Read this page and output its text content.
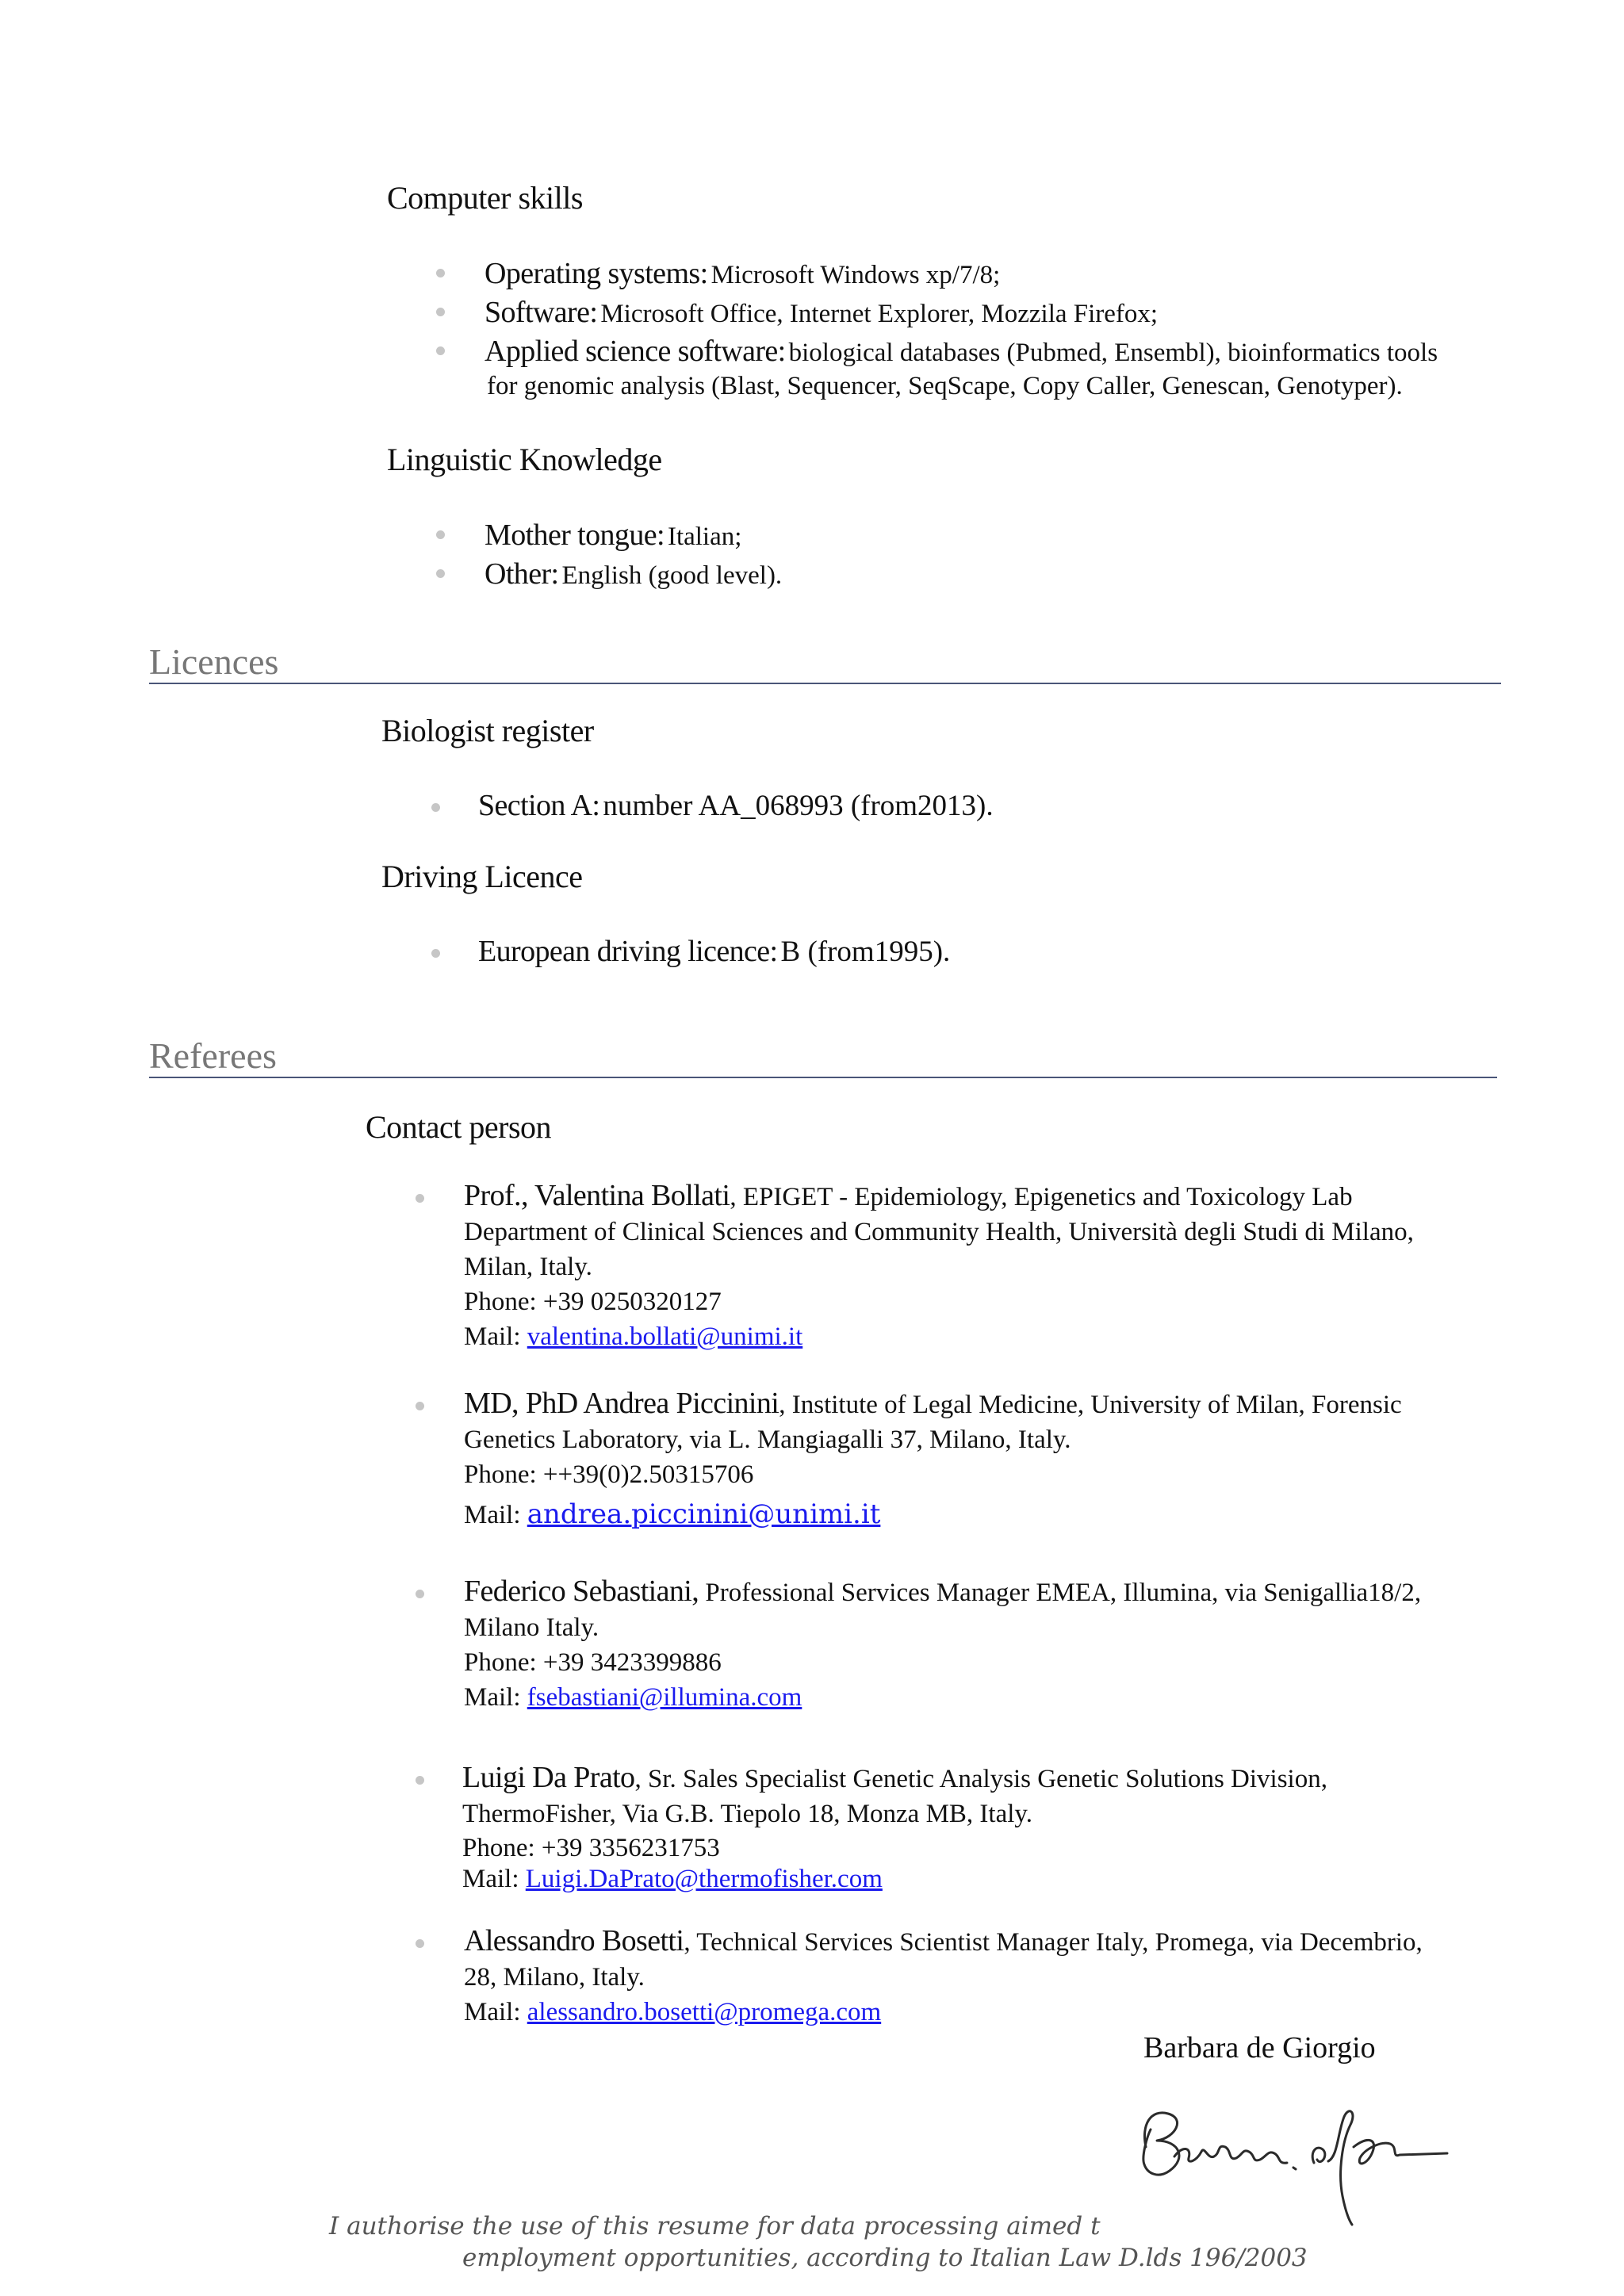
Computer skills
Operating systems: Microsoft Windows xp/7/8;
Software: Microsoft Office, Internet Explorer, Mozzila Firefox;
Applied science software: biological databases (Pubmed, Ensembl), bioinformatics tools
for genomic analysis (Blast, Sequencer, SeqScape, Copy Caller, Genescan, Genotyper).
Linguistic Knowledge
Mother tongue: Italian;
Other: English (good level).
Licences
Biologist register
Section A: number AA_068993 (from2013).
Driving Licence
European driving licence: B (from1995).
Referees
Contact person
Prof., Valentina Bollati, EPIGET - Epidemiology, Epigenetics and Toxicology Lab
Department of Clinical Sciences and Community Health, Università degli Studi di Milano,
Milan, Italy.
Phone: +39 0250320127
Mail: valentina.bollati@unimi.it
MD, PhD Andrea Piccinini, Institute of Legal Medicine, University of Milan, Forensic
Genetics Laboratory, via L. Mangiagalli 37, Milano, Italy.
Phone: ++39(0)2.50315706
Mail: andrea.piccinini@unimi.it
Federico Sebastiani, Professional Services Manager EMEA, Illumina, via Senigallia18/2,
Milano Italy.
Phone: +39 3423399886
Mail: fsebastiani@illumina.com
Luigi Da Prato, Sr. Sales Specialist Genetic Analysis Genetic Solutions Division,
ThermoFisher, Via G.B. Tiepolo 18, Monza MB, Italy.
Phone: +39 3356231753
Mail: Luigi.DaPrato@thermofisher.com
Alessandro Bosetti, Technical Services Scientist Manager Italy, Promega, via Decembrio,
28, Milano, Italy.
Mail: alessandro.bosetti@promega.com
Barbara de Giorgio
I authorise the use of this resume for data processing aimed t
employment opportunities, according to Italian Law D.lds 196/2003
